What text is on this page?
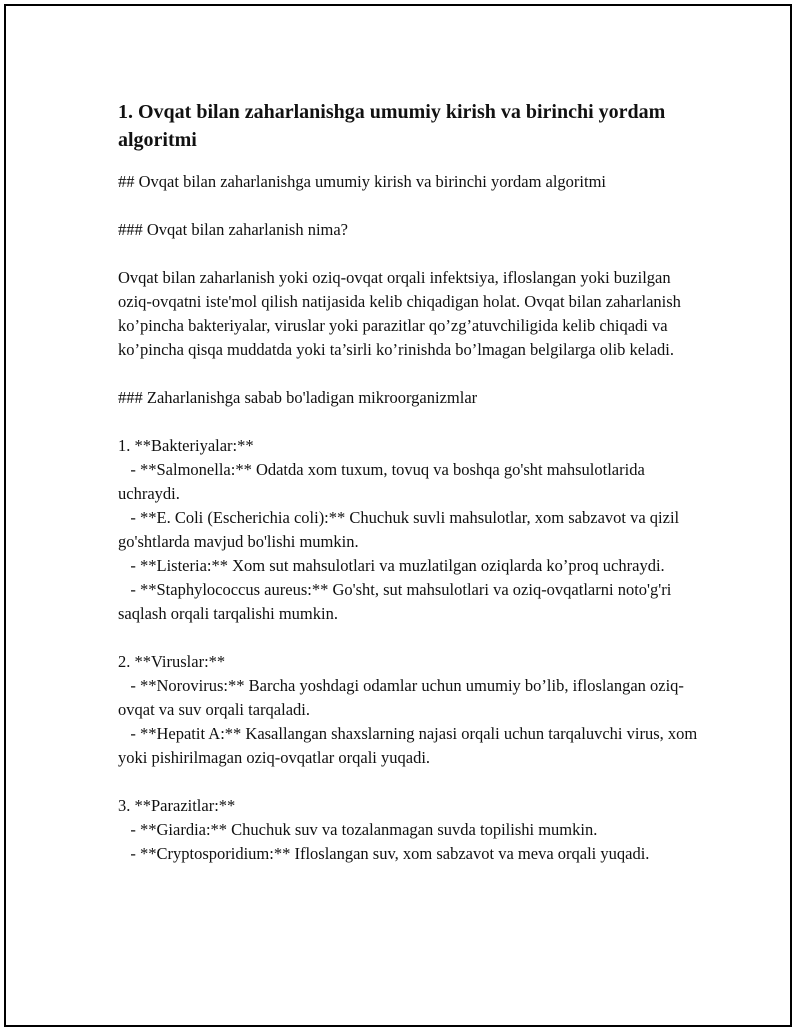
1. Ovqat bilan zaharlanishga umumiy kirish va birinchi yordam algoritmi

## Ovqat bilan zaharlanishga umumiy kirish va birinchi yordam algoritmi

### Ovqat bilan zaharlanish nima?

Ovqat bilan zaharlanish yoki oziq-ovqat orqali infektsiya, ifloslangan yoki buzilgan oziq-ovqatni iste'mol qilish natijasida kelib chiqadigan holat. Ovqat bilan zaharlanish ko’pincha bakteriyalar, viruslar yoki parazitlar qo’zg’atuvchiligida kelib chiqadi va ko’pincha qisqa muddatda yoki ta’sirli ko’rinishda bo’lmagan belgilarga olib keladi.

### Zaharlanishga sabab bo'ladigan mikroorganizmlar

1. **Bakteriyalar:**

- **Salmonella:** Odatda xom tuxum, tovuq va boshqa go'sht mahsulotlarida uchraydi.

- **E. Coli (Escherichia coli):** Chuchuk suvli mahsulotlar, xom sabzavot va qizil go'shtlarda mavjud bo'lishi mumkin.

- **Listeria:** Xom sut mahsulotlari va muzlatilgan oziqlarda ko’proq uchraydi.

- **Staphylococcus aureus:** Go'sht, sut mahsulotlari va oziq-ovqatlarni noto'g'ri saqlash orqali tarqalishi mumkin.

2. **Viruslar:**

- **Norovirus:** Barcha yoshdagi odamlar uchun umumiy bo’lib, ifloslangan oziq-ovqat va suv orqali tarqaladi.

- **Hepatit A:** Kasallangan shaxslarning najasi orqali uchun tarqaluvchi virus, xom yoki pishirilmagan oziq-ovqatlar orqali yuqadi.

3. **Parazitlar:**

- **Giardia:** Chuchuk suv va tozalanmagan suvda topilishi mumkin.

- **Cryptosporidium:** Ifloslangan suv, xom sabzavot va meva orqali yuqadi.
